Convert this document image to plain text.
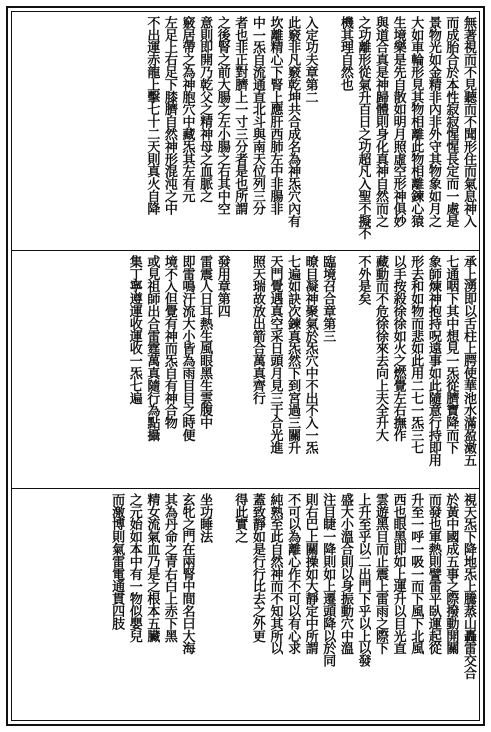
無著視而不見聽而不聞形住而氣息神入
而成胎合於本性寂寂惺惺長定而一處是
景物光如金精非內非外守其物象如月之
大如車輪形見其物相離此物相離鍊心猿
生境樂是先自散如明月照虛空形神俱妙
與道合真是神歸體則身化真神自然而之
之功離形從氣升百日之功超凡入聖不擬不
機其理自然也
入定功夫章第二
此竅非凡竅乾坤共合成名為神炁穴內有
坎離精心下腎上應肝西肺左中非腸非
中一炁自流通直北斗與南天位列三分
者也非正對臍上一寸三分者是也所謂
之後腎之前大腸之左小腸之右其中空
意則即開乃乾父之精神母之血脈之
竅居帶之為神胞穴中藏炁其左有元
左足上右足下膝臍自然神形混沌之中
不出運赤龍上擊七十二天則真火自降
承上湧即以舌柱上腭使華池水滿盈潄五
七通咽下其中想見一炁從臍寶降而下
象師煉神抱持呪遠事如此隨意行持即用
形去和如物而悲如此用二七一炁三七
以手按殺徐徐如火之燃覺左右撫作
藏動而不危徐徐來去向上夫全升大
不外是矣
臨境召合章第三
暸目凝神聚氣於炁穴中不出不入一炁
七遍如訣次鍊真炁然下到宮過三關升
天門覺遇真空采日頭月見三于合光進
照天瑞故放出箭合萬真齊行
發用章第四
雷震人日耳熱生風眼黑生雲腹中
即雷鳴汗流大小皆為雨目目之時便
境不入但覺有神而炁自有神合物
或見祖師出合雷霆萬真隨行為點攝
集丁寧遵運收運收一炁七遍
視天炁下降地炁上騰蒸山轟雷交合
於黃中國成五事之際撥動開關
而發也軍熱則譬雷平臥運起從
升至一呼一吸一而下風下北風
西也眼黑即如上運升以目光直
雲遊黑目而止震上雷雨之際下
上升至乎以二出門下乎以上以發
盛大小溫合則以身振動穴中溫
注目睫一降則如上遷頭降以於同
則右巴上關操如大靜定中所謂
不可以為離心作不可以有心求
純熟至此自然神而不知其所以
蓋致靜如是行行比去之外更
得此實之
坐功睡法
玄牝之門在兩腎中間名曰大海
其為丹命之青右白上赤下黑
精女流氣血乃是之根本五臟
之元始如本中有一物似嬰兒
而激博則氣雷電通貫四肢
